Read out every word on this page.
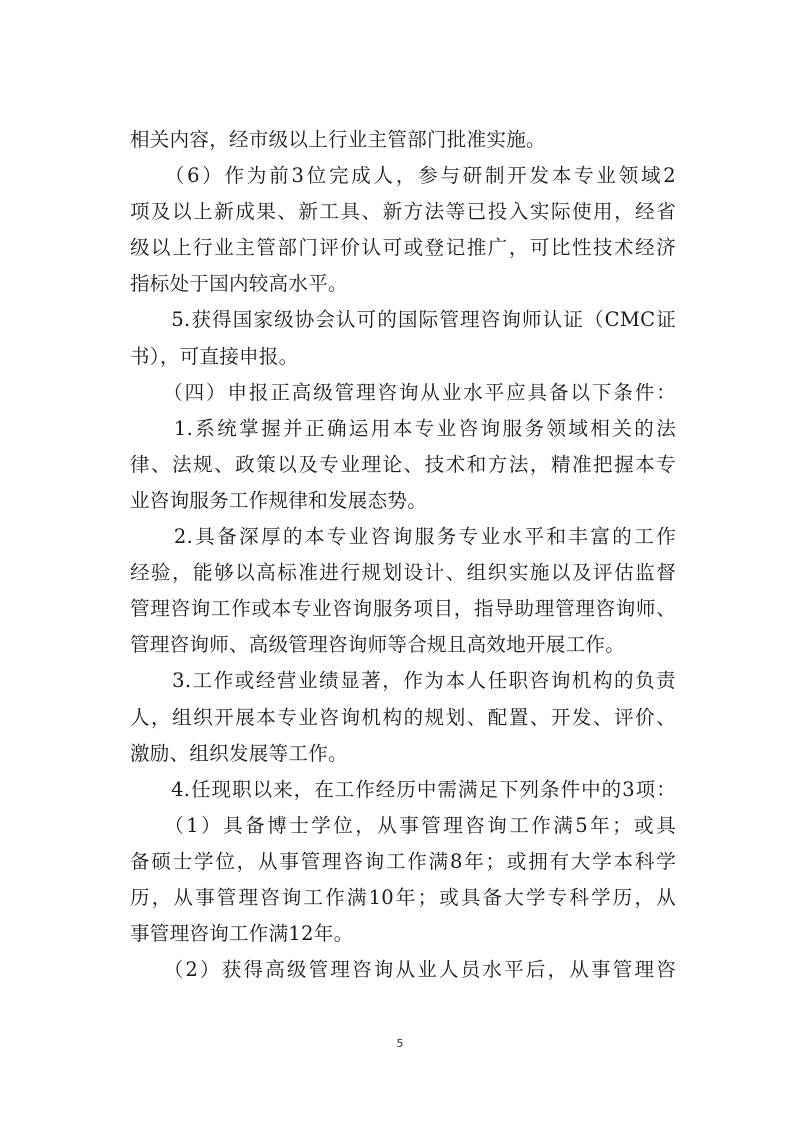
相关内容，经市级以上行业主管部门批准实施。
　　（6）作为前3位完成人，参与研制开发本专业领域2
项及以上新成果、新工具、新方法等已投入实际使用，经省
级以上行业主管部门评价认可或登记推广，可比性技术经济
指标处于国内较高水平。
　　5.获得国家级协会认可的国际管理咨询师认证（CMC证
书），可直接申报。
　　（四）申报正高级管理咨询从业水平应具备以下条件：
　　1.系统掌握并正确运用本专业咨询服务领域相关的法
律、法规、政策以及专业理论、技术和方法，精准把握本专
业咨询服务工作规律和发展态势。
　　2.具备深厚的本专业咨询服务专业水平和丰富的工作
经验，能够以高标准进行规划设计、组织实施以及评估监督
管理咨询工作或本专业咨询服务项目，指导助理管理咨询师、
管理咨询师、高级管理咨询师等合规且高效地开展工作。
　　3.工作或经营业绩显著，作为本人任职咨询机构的负责
人，组织开展本专业咨询机构的规划、配置、开发、评价、
激励、组织发展等工作。
　　4.任现职以来，在工作经历中需满足下列条件中的3项：
　　（1）具备博士学位，从事管理咨询工作满5年；或具
备硕士学位，从事管理咨询工作满8年；或拥有大学本科学
历，从事管理咨询工作满10年；或具备大学专科学历，从
事管理咨询工作满12年。
　　（2）获得高级管理咨询从业人员水平后，从事管理咨
5
